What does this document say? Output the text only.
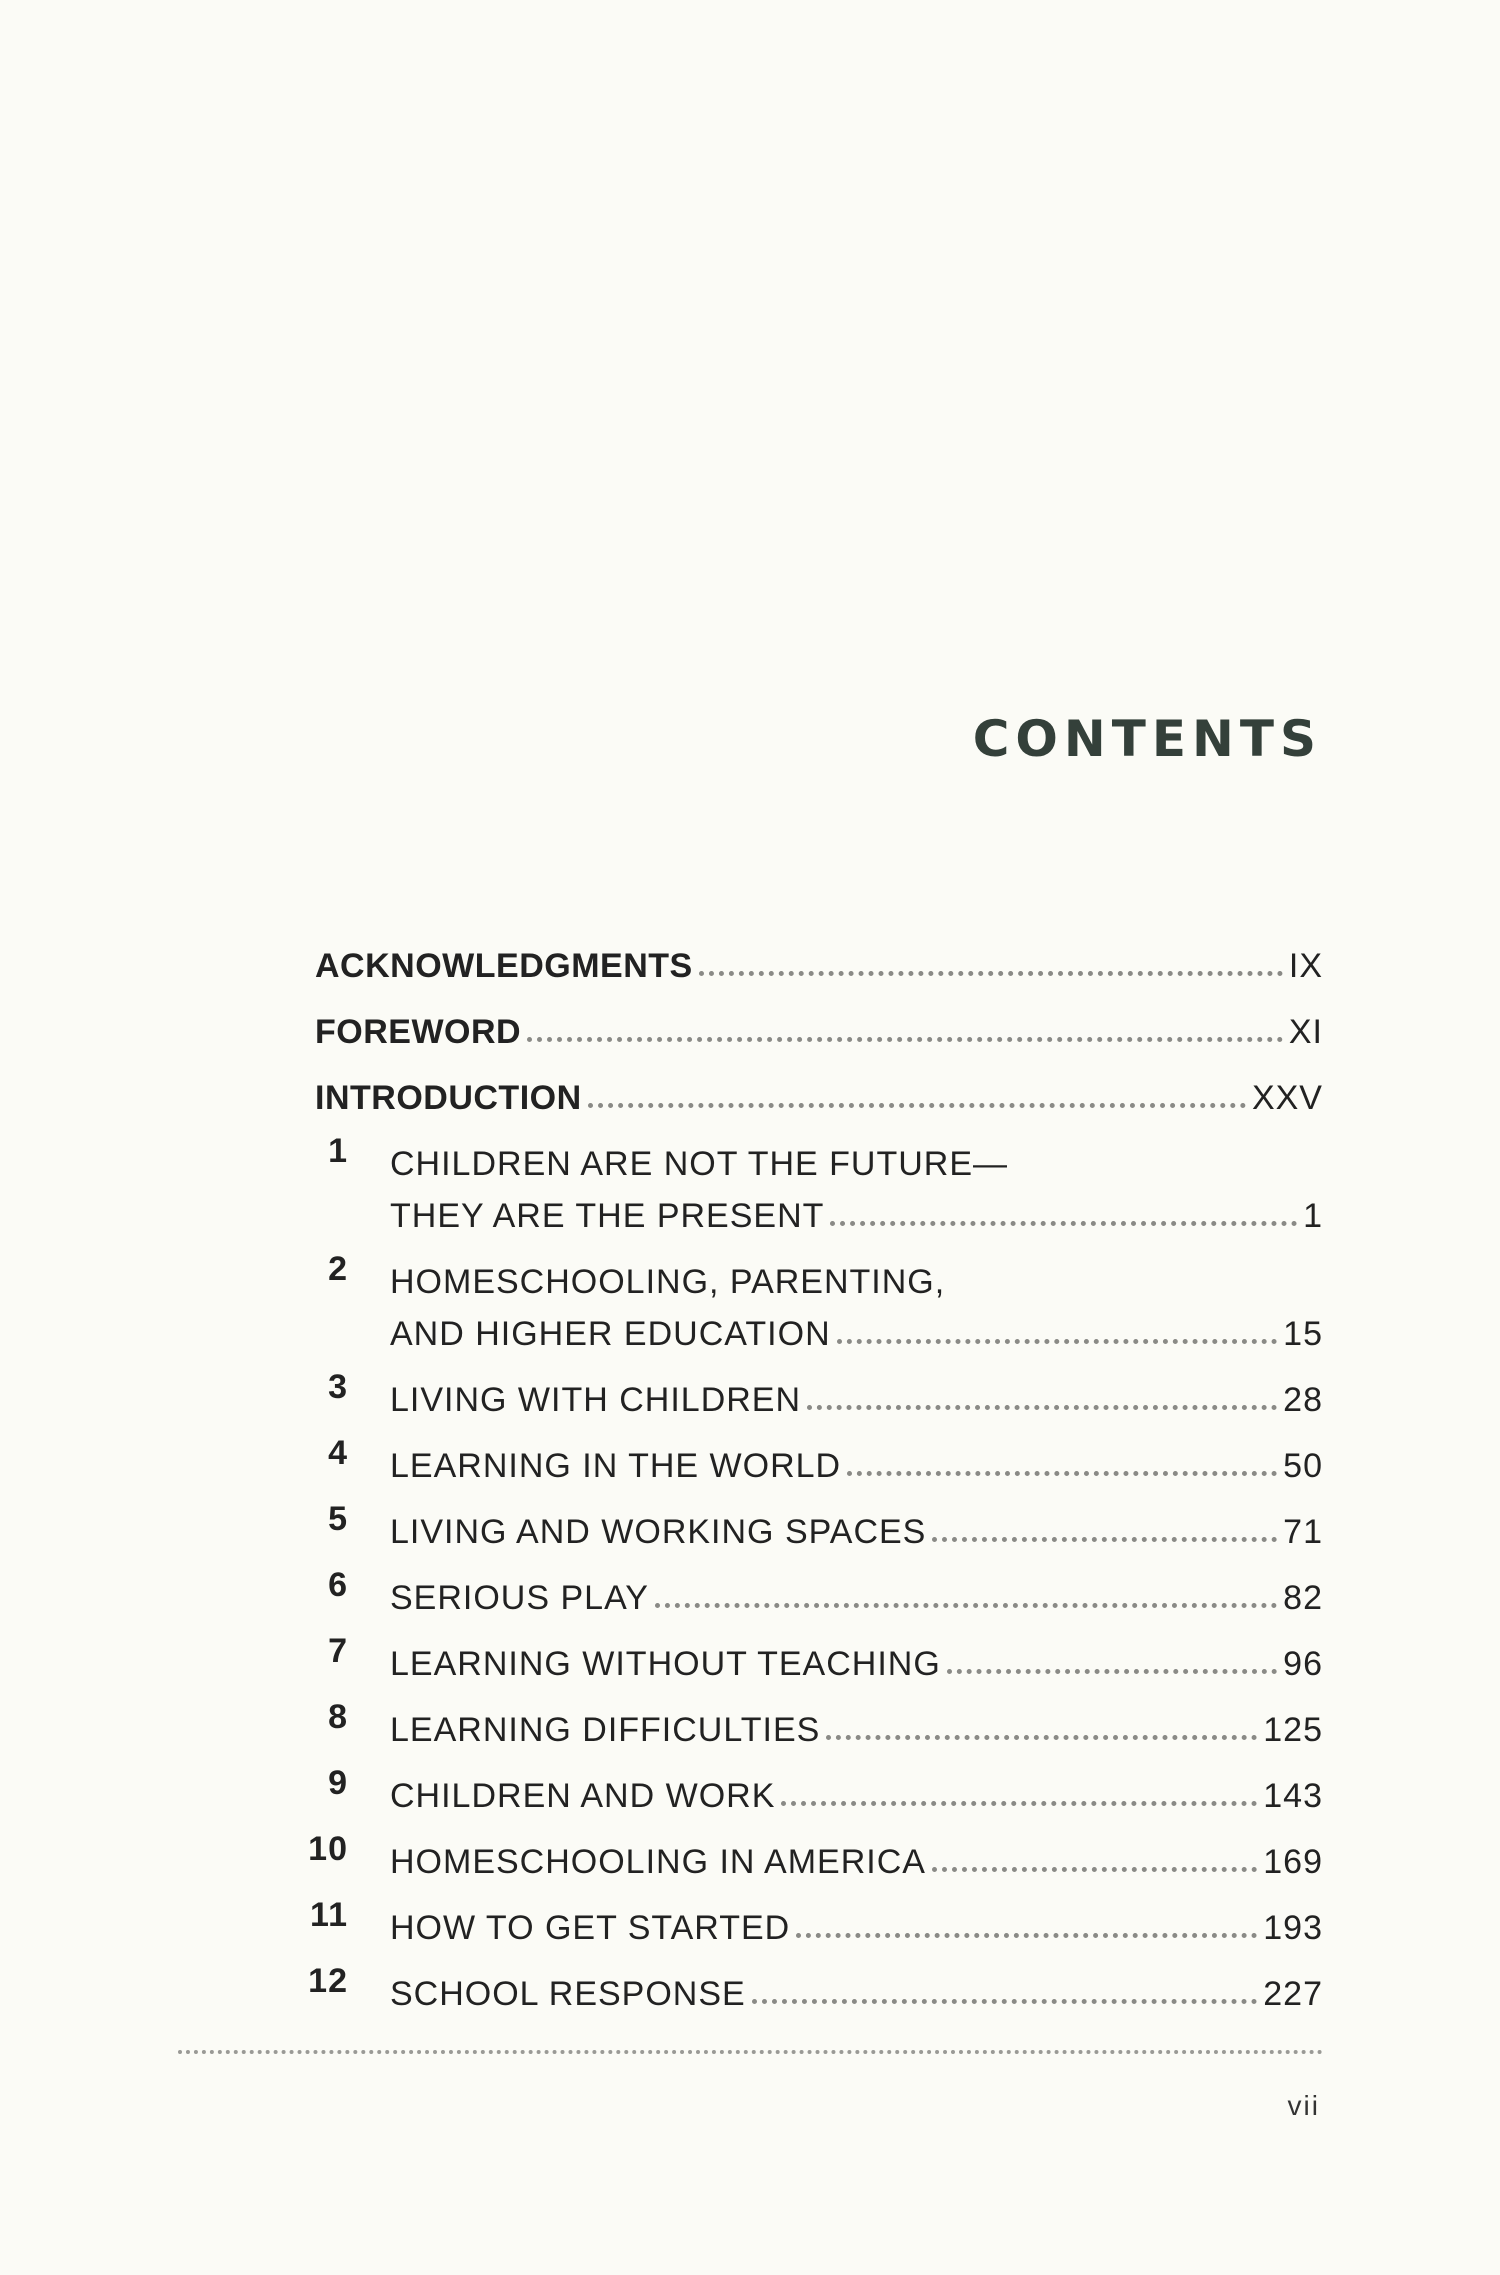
CONTENTS
ACKNOWLEDGMENTS	IX
FOREWORD	XI
INTRODUCTION	XXV
1	CHILDREN ARE NOT THE FUTURE—
THEY ARE THE PRESENT	1
2	HOMESCHOOLING, PARENTING,
AND HIGHER EDUCATION	15
3	LIVING WITH CHILDREN	28
4	LEARNING IN THE WORLD	50
5	LIVING AND WORKING SPACES	71
6	SERIOUS PLAY	82
7	LEARNING WITHOUT TEACHING	96
8	LEARNING DIFFICULTIES	125
9	CHILDREN AND WORK	143
10	HOMESCHOOLING IN AMERICA	169
11	HOW TO GET STARTED	193
12	SCHOOL RESPONSE	227
vii
